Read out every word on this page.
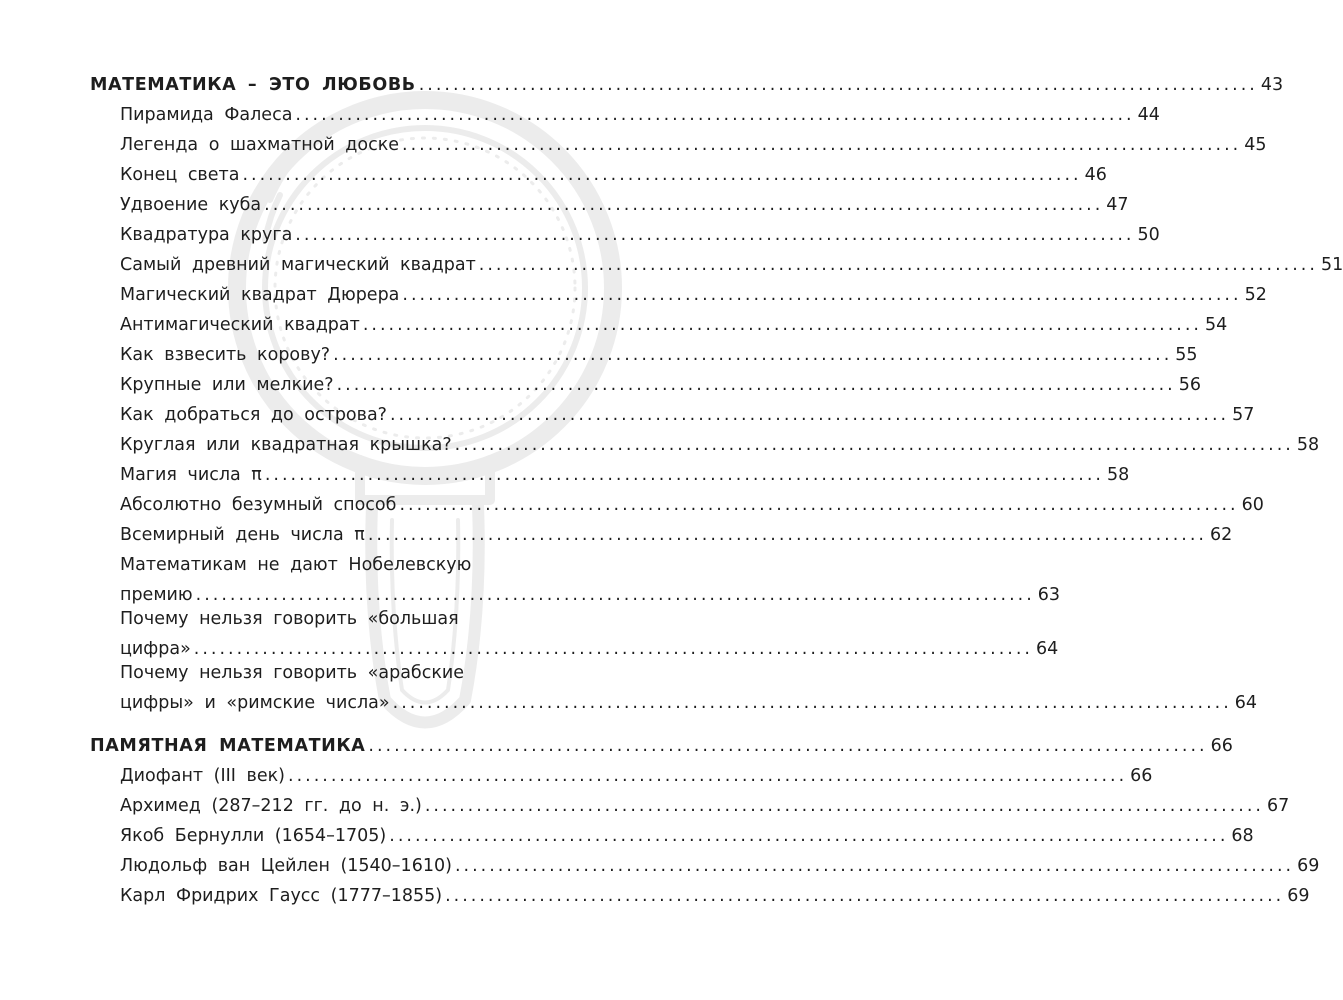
МАТЕМАТИКА – ЭТО ЛЮБОВЬ .................................................................................................. 43
Пирамида Фалеса .................................................................................................. 44
Легенда о шахматной доске .................................................................................................. 45
Конец света .................................................................................................. 46
Удвоение куба .................................................................................................. 47
Квадратура круга .................................................................................................. 50
Самый древний магический квадрат .................................................................................................. 51
Магический квадрат Дюрера .................................................................................................. 52
Антимагический квадрат .................................................................................................. 54
Как взвесить корову? .................................................................................................. 55
Крупные или мелкие? .................................................................................................. 56
Как добраться до острова? .................................................................................................. 57
Круглая или квадратная крышка? .................................................................................................. 58
Магия числа π .................................................................................................. 58
Абсолютно безумный способ .................................................................................................. 60
Всемирный день числа π .................................................................................................. 62
Математикам не дают Нобелевскую
премию .................................................................................................. 63
Почему нельзя говорить «большая
цифра» .................................................................................................. 64
Почему нельзя говорить «арабские
цифры» и «римские числа» .................................................................................................. 64
ПАМЯТНАЯ МАТЕМАТИКА .................................................................................................. 66
Диофант (III век) .................................................................................................. 66
Архимед (287–212 гг. до н. э.) .................................................................................................. 67
Якоб Бернулли (1654–1705) .................................................................................................. 68
Людольф ван Цейлен (1540–1610) .................................................................................................. 69
Карл Фридрих Гаусс (1777–1855) .................................................................................................. 69
